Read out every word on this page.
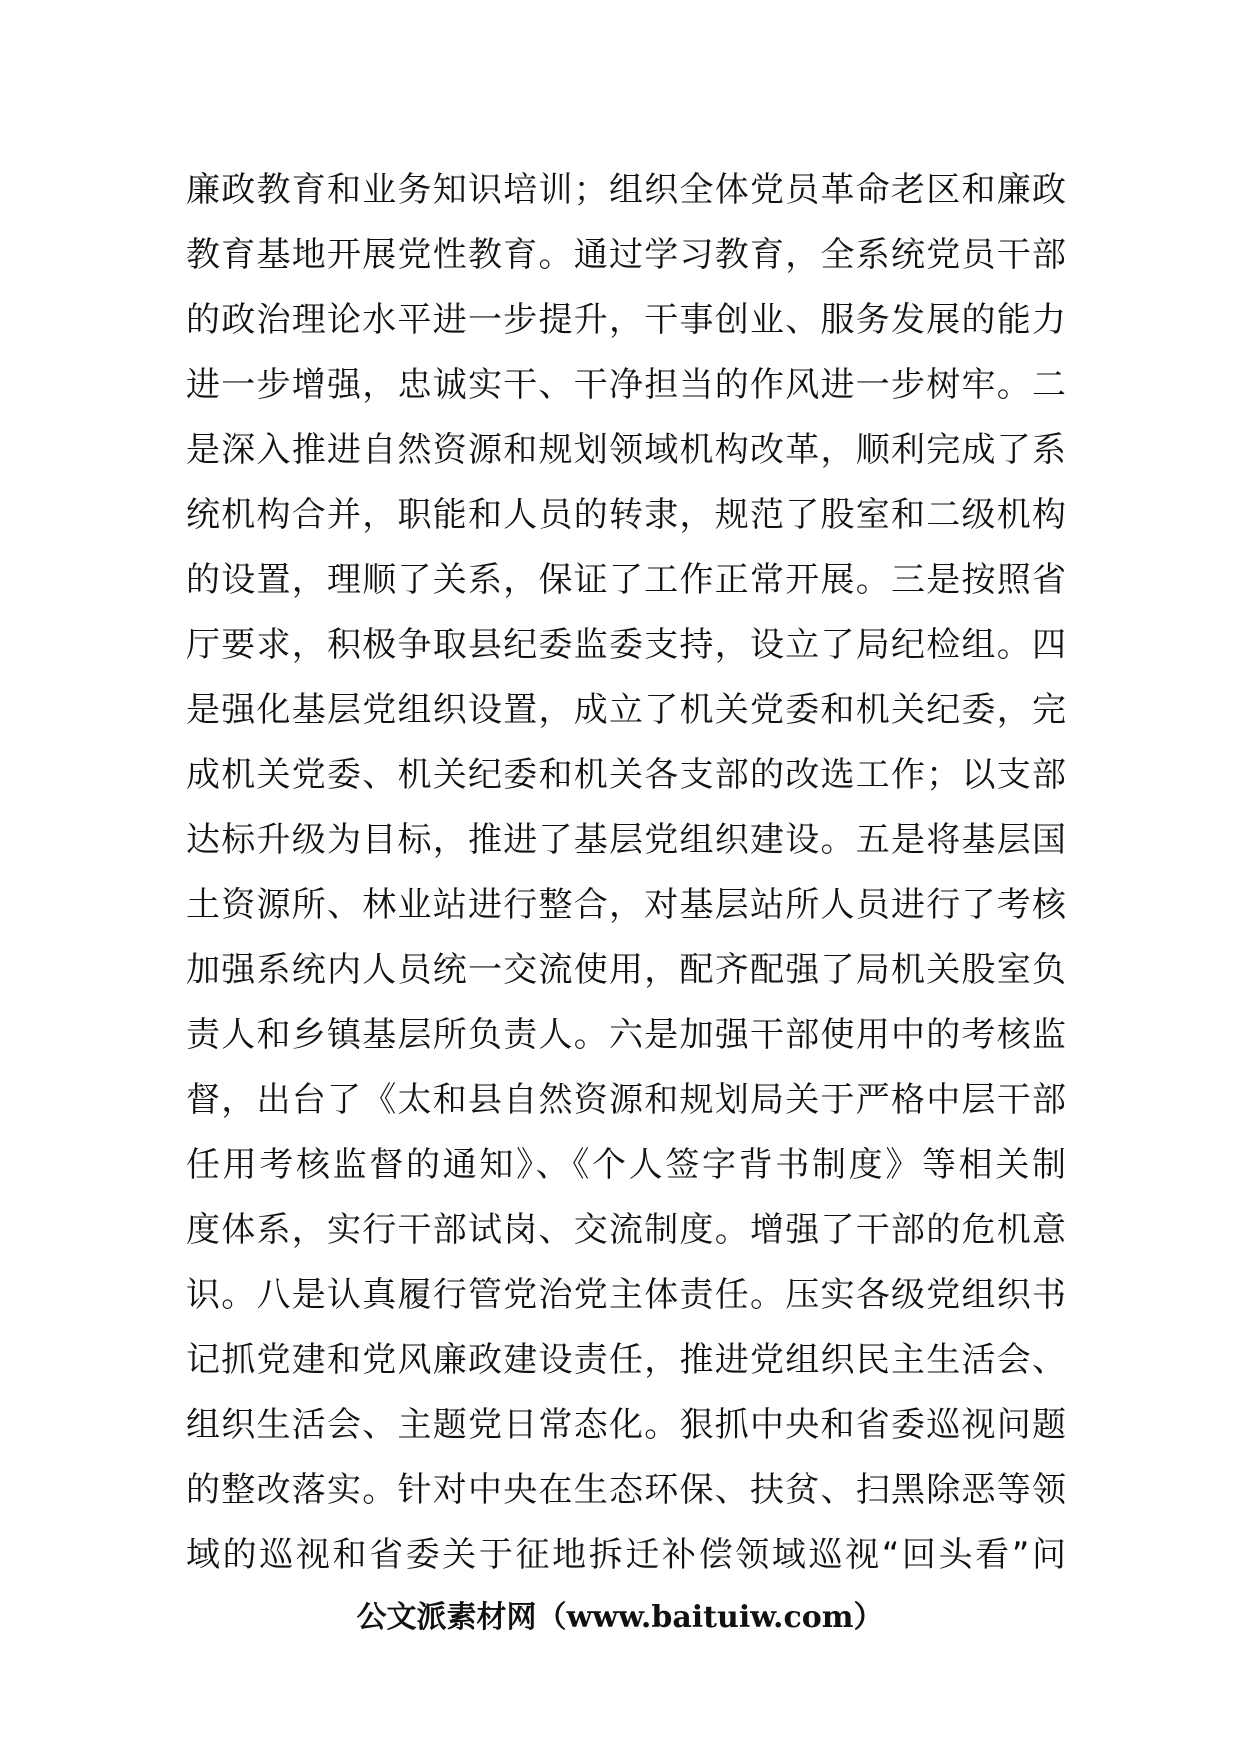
廉政教育和业务知识培训；组织全体党员革命老区和廉政
教育基地开展党性教育。通过学习教育，全系统党员干部
的政治理论水平进一步提升，干事创业、服务发展的能力
进一步增强，忠诚实干、干净担当的作风进一步树牢。二
是深入推进自然资源和规划领域机构改革，顺利完成了系
统机构合并，职能和人员的转隶，规范了股室和二级机构
的设置，理顺了关系，保证了工作正常开展。三是按照省
厅要求，积极争取县纪委监委支持，设立了局纪检组。四
是强化基层党组织设置，成立了机关党委和机关纪委，完
成机关党委、机关纪委和机关各支部的改选工作；以支部
达标升级为目标，推进了基层党组织建设。五是将基层国
土资源所、林业站进行整合，对基层站所人员进行了考核
加强系统内人员统一交流使用，配齐配强了局机关股室负
责人和乡镇基层所负责人。六是加强干部使用中的考核监
督，出台了《太和县自然资源和规划局关于严格中层干部
任用考核监督的通知》、《个人签字背书制度》等相关制
度体系，实行干部试岗、交流制度。增强了干部的危机意
识。八是认真履行管党治党主体责任。压实各级党组织书
记抓党建和党风廉政建设责任，推进党组织民主生活会、
组织生活会、主题党日常态化。狠抓中央和省委巡视问题
的整改落实。针对中央在生态环保、扶贫、扫黑除恶等领
域的巡视和省委关于征地拆迁补偿领域巡视“回头看”问
公文派素材网（www.baituiw.com）
